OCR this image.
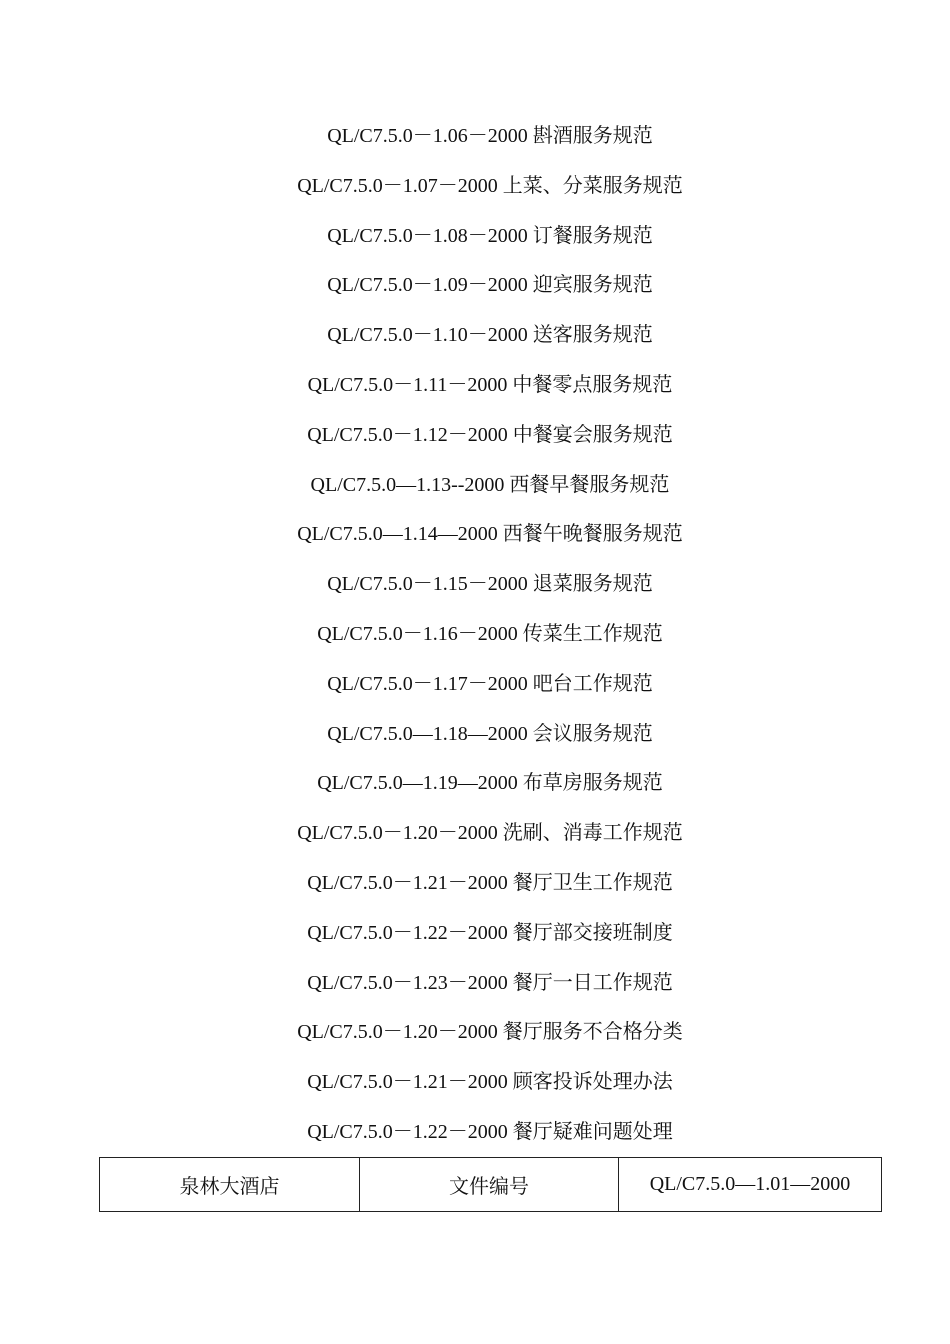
QL/C7.5.0－1.06－2000 斟酒服务规范
QL/C7.5.0－1.07－2000 上菜、分菜服务规范
QL/C7.5.0－1.08－2000 订餐服务规范
QL/C7.5.0－1.09－2000 迎宾服务规范
QL/C7.5.0－1.10－2000 送客服务规范
QL/C7.5.0－1.11－2000 中餐零点服务规范
QL/C7.5.0－1.12－2000 中餐宴会服务规范
QL/C7.5.0—1.13--2000 西餐早餐服务规范
QL/C7.5.0—1.14—2000 西餐午晚餐服务规范
QL/C7.5.0－1.15－2000 退菜服务规范
QL/C7.5.0－1.16－2000 传菜生工作规范
QL/C7.5.0－1.17－2000 吧台工作规范
QL/C7.5.0—1.18—2000 会议服务规范
QL/C7.5.0—1.19—2000 布草房服务规范
QL/C7.5.0－1.20－2000 洗刷、消毒工作规范
QL/C7.5.0－1.21－2000 餐厅卫生工作规范
QL/C7.5.0－1.22－2000 餐厅部交接班制度
QL/C7.5.0－1.23－2000 餐厅一日工作规范
QL/C7.5.0－1.20－2000 餐厅服务不合格分类
QL/C7.5.0－1.21－2000 顾客投诉处理办法
QL/C7.5.0－1.22－2000 餐厅疑难问题处理
泉林大酒店	文件编号	QL/C7.5.0—1.01—2000
